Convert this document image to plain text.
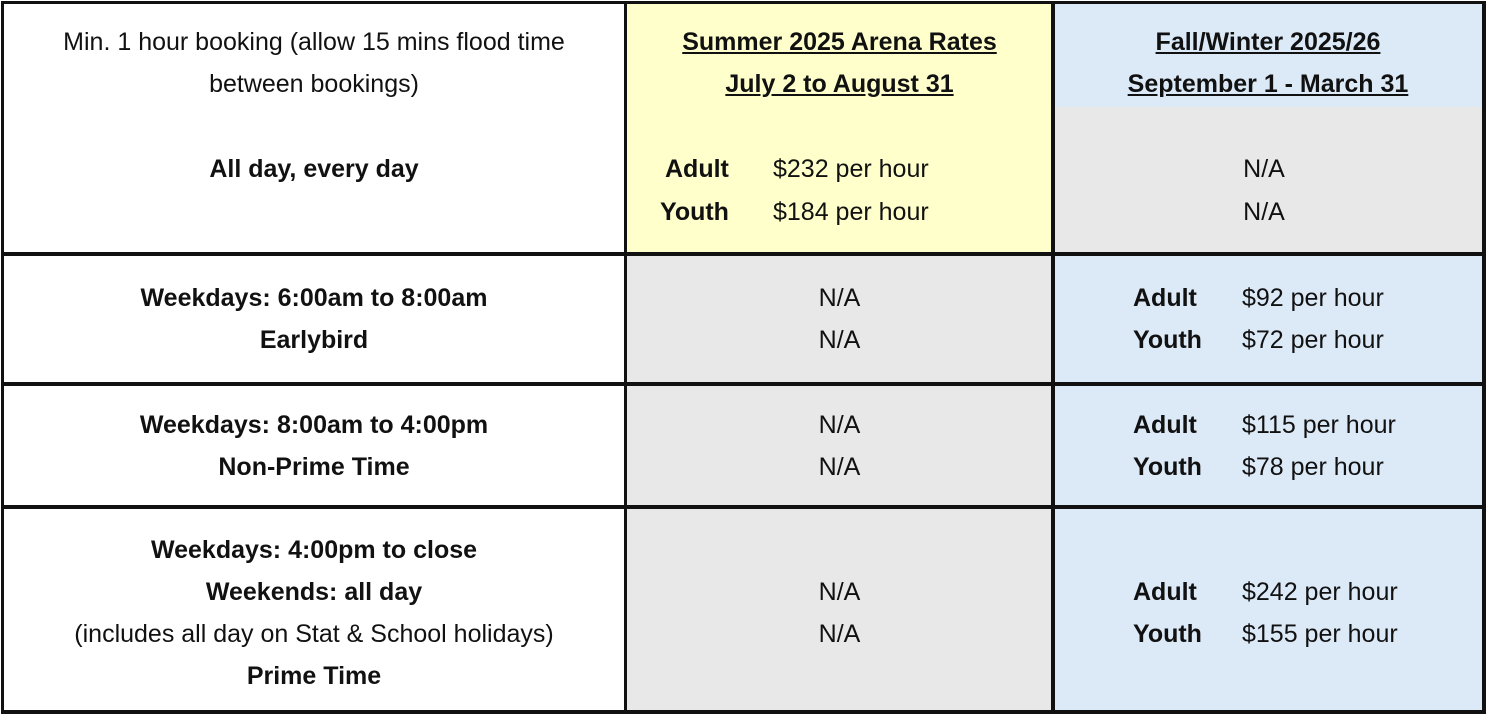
Min. 1 hour booking (allow 15 mins flood time
between bookings)
Summer 2025 Arena Rates
July 2 to August 31
Fall/Winter 2025/26
September 1 - March 31
All day, every day	Adult $232 per hour
Youth $184 per hour
N/A
N/A
Weekdays: 6:00am to 8:00am
Earlybird
N/A
N/A
Adult $92 per hour
Youth $72 per hour
Weekdays: 8:00am to 4:00pm
Non-Prime Time
N/A
N/A
Adult $115 per hour
Youth $78 per hour
Weekdays: 4:00pm to close
Weekends: all day
(includes all day on Stat & School holidays)
Prime Time
N/A
N/A
Adult $242 per hour
Youth $155 per hour
